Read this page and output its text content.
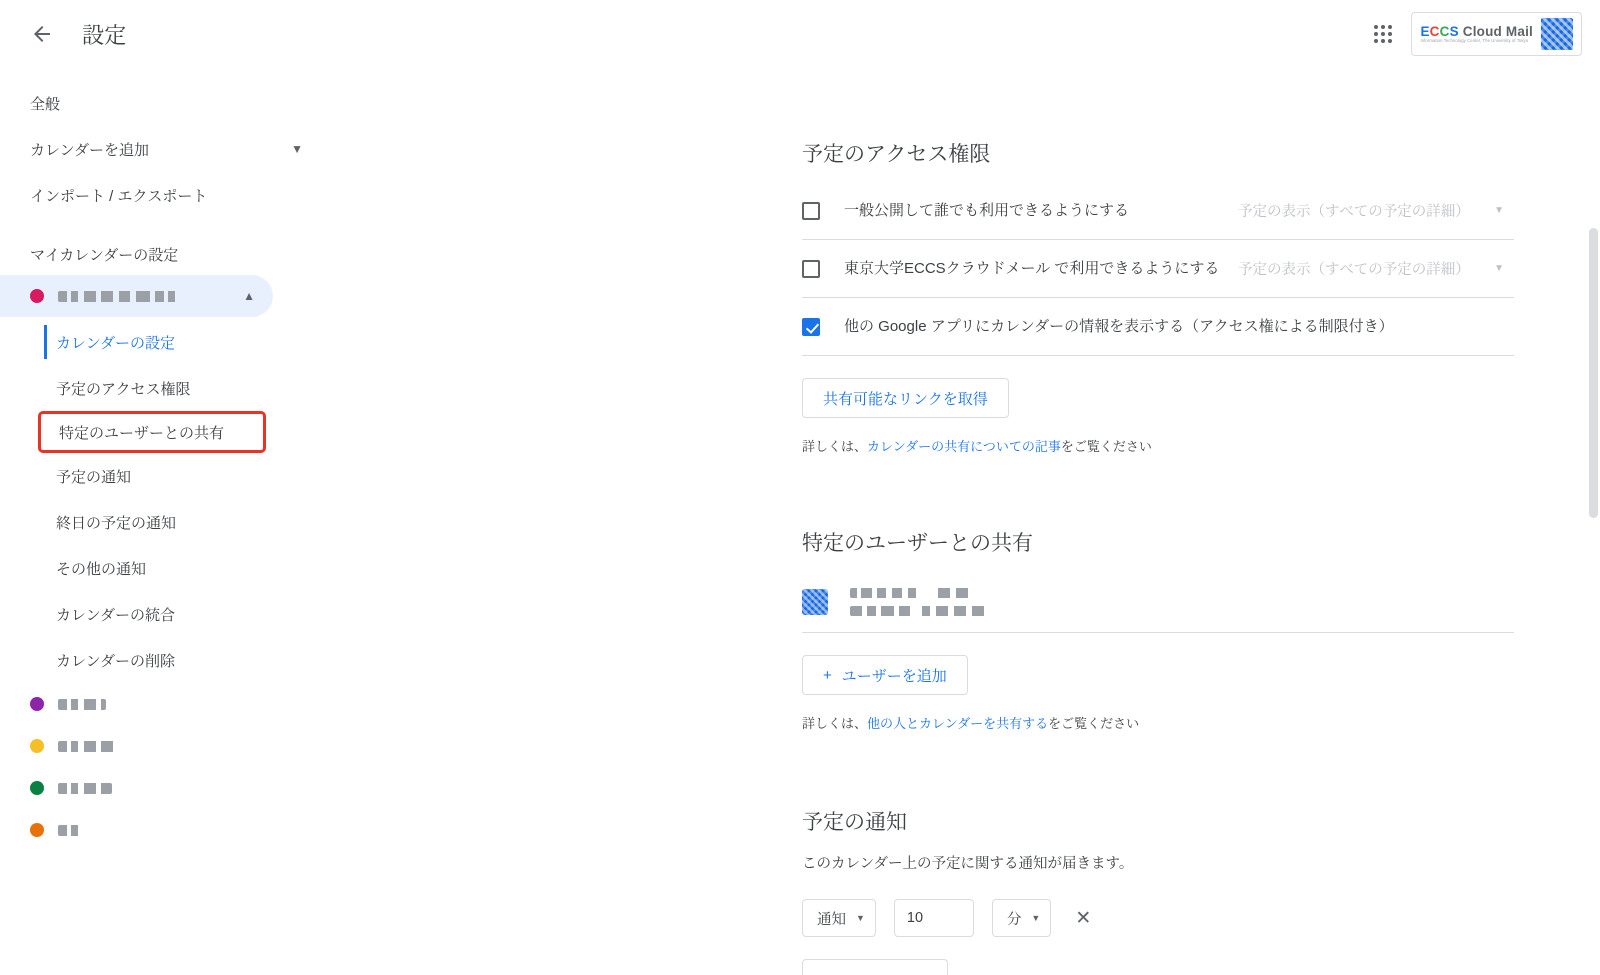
設定	ECCS Cloud Mail
Information Technology Center, The University of Tokyo
全般
カレンダーを追加	▼
インポート / エクスポート
マイカレンダーの設定
▲
カレンダーの設定
予定のアクセス権限
特定のユーザーとの共有
予定の通知
終日の予定の通知
その他の通知
カレンダーの統合
カレンダーの削除
予定のアクセス権限
一般公開して誰でも利用できるようにする	予定の表示（すべての予定の詳細） ▼
東京大学ECCSクラウドメール で利用できるようにする 予定の表示（すべての予定の詳細） ▼
他の Google アプリにカレンダーの情報を表示する（アクセス権による制限付き）
共有可能なリンクを取得
詳しくは、カレンダーの共有についての記事をご覧ください
特定のユーザーとの共有
+ ユーザーを追加
詳しくは、他の人とカレンダーを共有するをご覧ください
予定の通知
このカレンダー上の予定に関する通知が届きます。
通知 ▼
10	分 ▼	✕
